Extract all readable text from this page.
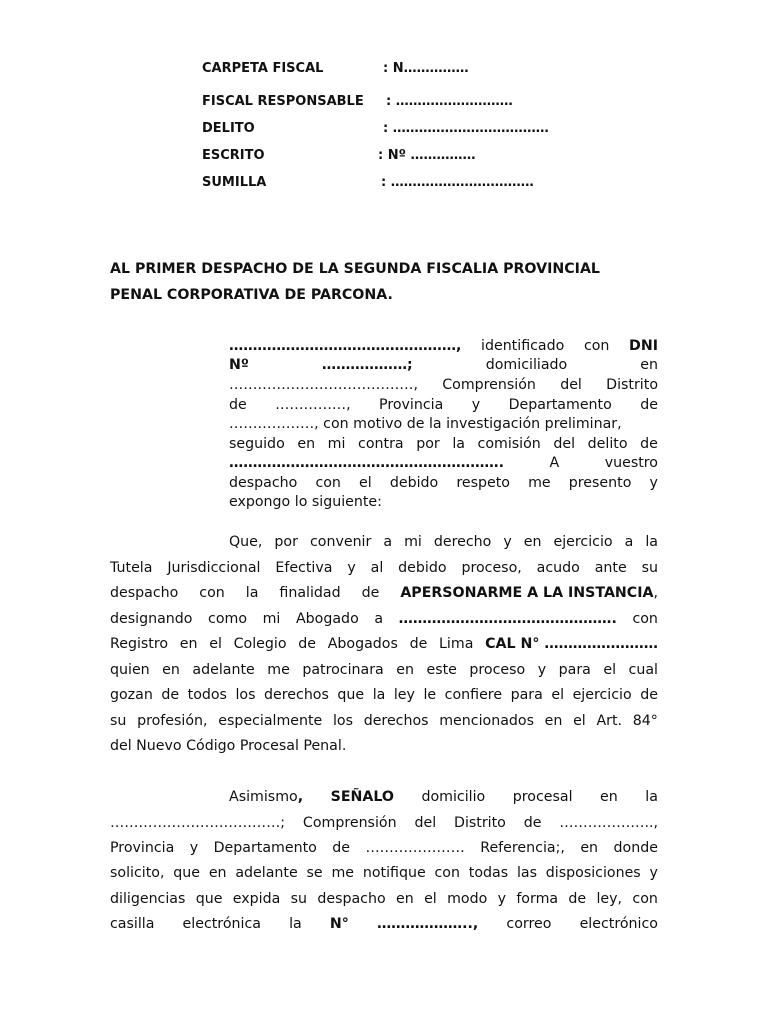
CARPETA FISCAL	: N……………
FISCAL RESPONSABLE : ………………………
DELITO	: ………………………………
ESCRITO	: Nº ……………
SUMILLA	: ……………………………
AL PRIMER DESPACHO DE LA SEGUNDA FISCALIA PROVINCIAL
PENAL CORPORATIVA DE PARCONA.
…………………………………………, identificado con DNI
Nº	………………;	domiciliado	en
…………………………………, Comprensión del Distrito
de ……………, Provincia y Departamento de
………………, con motivo de la investigación preliminar,
seguido en mi contra por la comisión del delito de
………………………………………………….	A	vuestro
despacho con el debido respeto me presento y
expongo lo siguiente:
Que, por convenir a mi derecho y en ejercicio a la
Tutela Jurisdiccional Efectiva y al debido proceso, acudo ante su
despacho con la finalidad de APERSONARME A LA INSTANCIA,
designando como mi Abogado a ………………………………………. con
Registro en el Colegio de Abogados de Lima CAL N° ……………………
quien en adelante me patrocinara en este proceso y para el cual
gozan de todos los derechos que la ley le confiere para el ejercicio de
su profesión, especialmente los derechos mencionados en el Art. 84°
del Nuevo Código Procesal Penal.
Asimismo, SEÑALO domicilio procesal en la
………………………………; Comprensión del Distrito de ………………..,
Provincia y Departamento de ………………… Referencia;, en donde
solicito, que en adelante se me notifique con todas las disposiciones y
diligencias que expida su despacho en el modo y forma de ley, con
casilla electrónica la N° ……………….., correo electrónico
